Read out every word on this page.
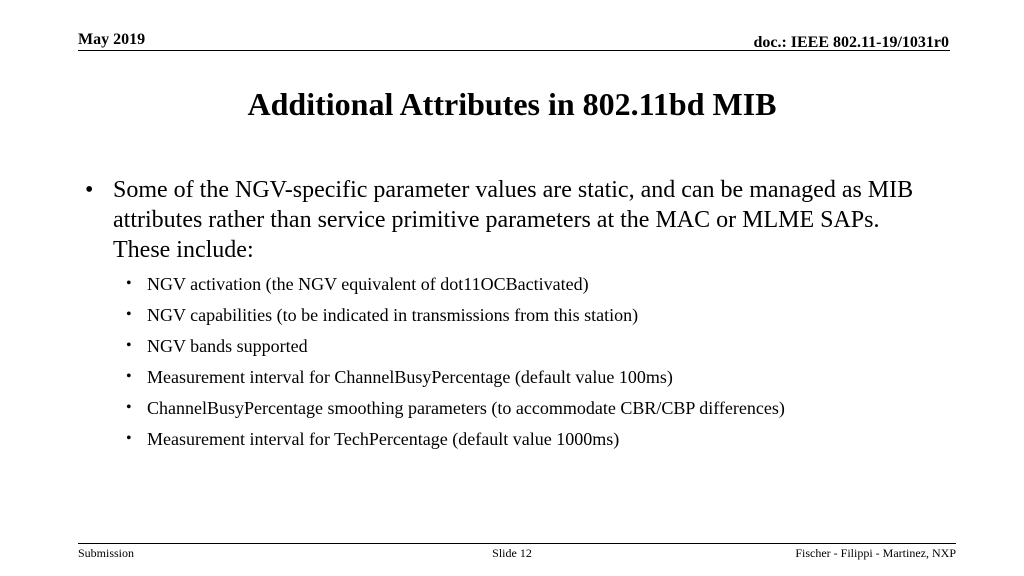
May 2019	doc.: IEEE 802.11-19/1031r0
Additional Attributes in 802.11bd MIB
• Some of the NGV-specific parameter values are static, and can be managed as MIB attributes rather than service primitive parameters at the MAC or MLME SAPs. These include:
• NGV activation (the NGV equivalent of dot11OCBactivated)
• NGV capabilities (to be indicated in transmissions from this station)
• NGV bands supported
• Measurement interval for ChannelBusyPercentage (default value 100ms)
• ChannelBusyPercentage smoothing parameters (to accommodate CBR/CBP differences)
• Measurement interval for TechPercentage (default value 1000ms)
Submission	Slide 12	Fischer - Filippi - Martinez, NXP
